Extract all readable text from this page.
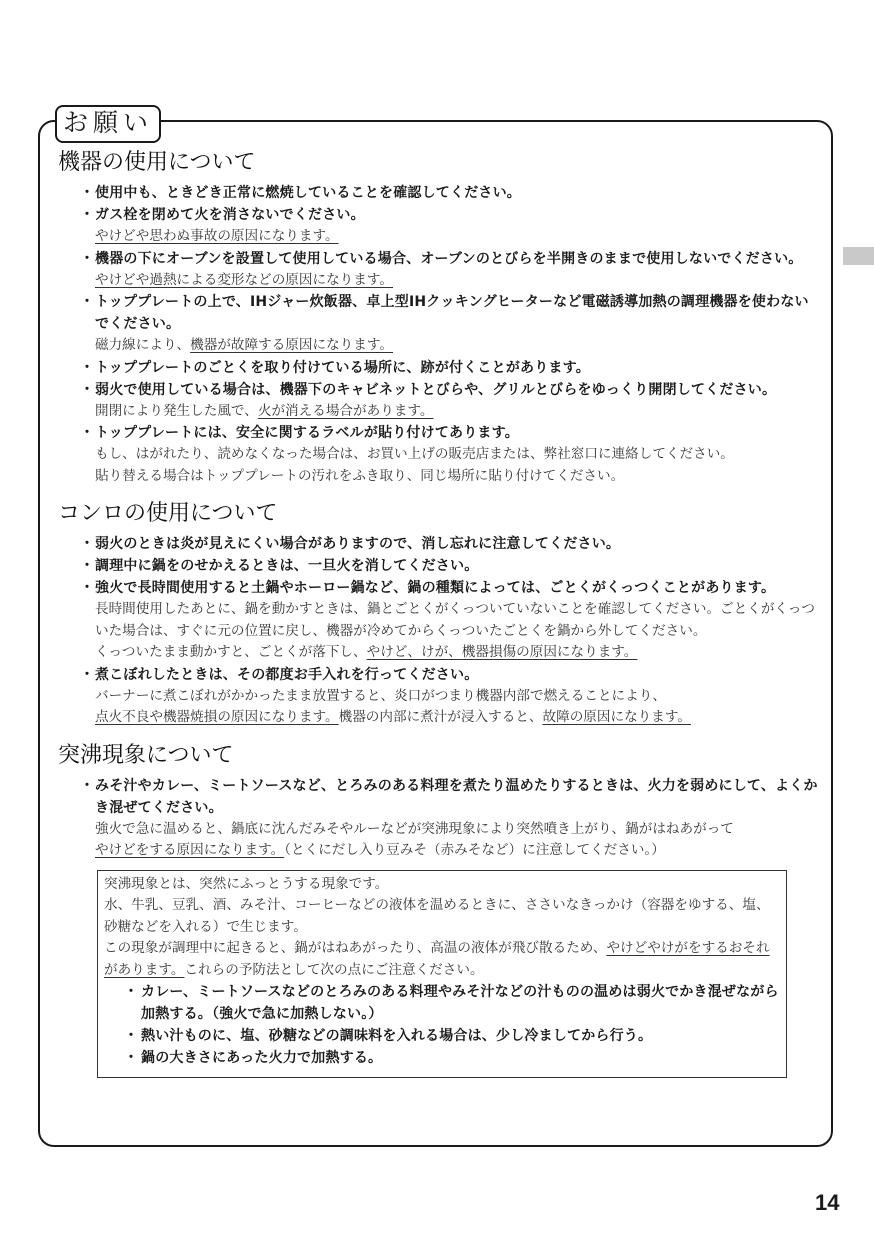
お願い
機器の使用について
・ 使用中も、ときどき正常に燃焼していることを確認してください。
・ ガス栓を閉めて火を消さないでください。
やけどや思わぬ事故の原因になります。
・ 機器の下にオーブンを設置して使用している場合、オーブンのとびらを半開きのままで使用しないでください。
やけどや過熱による変形などの原因になります。
・ トッププレートの上で、IHジャー炊飯器、卓上型IHクッキングヒーターなど電磁誘導加熱の調理機器を使わないでください。
磁力線により、機器が故障する原因になります。
・ トッププレートのごとくを取り付けている場所に、跡が付くことがあります。
・ 弱火で使用している場合は、機器下のキャビネットとびらや、グリルとびらをゆっくり開閉してください。
開閉により発生した風で、火が消える場合があります。
・ トッププレートには、安全に関するラベルが貼り付けてあります。
もし、はがれたり、読めなくなった場合は、お買い上げの販売店または、弊社窓口に連絡してください。
貼り替える場合はトッププレートの汚れをふき取り、同じ場所に貼り付けてください。
コンロの使用について
・ 弱火のときは炎が見えにくい場合がありますので、消し忘れに注意してください。
・ 調理中に鍋をのせかえるときは、一旦火を消してください。
・ 強火で長時間使用すると土鍋やホーロー鍋など、鍋の種類によっては、ごとくがくっつくことがあります。
長時間使用したあとに、鍋を動かすときは、鍋とごとくがくっついていないことを確認してください。ごとくがくっついた場合は、すぐに元の位置に戻し、機器が冷めてからくっついたごとくを鍋から外してください。
くっついたまま動かすと、ごとくが落下し、やけど、けが、機器損傷の原因になります。
・ 煮こぼれしたときは、その都度お手入れを行ってください。
バーナーに煮こぼれがかかったまま放置すると、炎口がつまり機器内部で燃えることにより、
点火不良や機器焼損の原因になります。機器の内部に煮汁が浸入すると、故障の原因になります。
突沸現象について
・ みそ汁やカレー、ミートソースなど、とろみのある料理を煮たり温めたりするときは、火力を弱めにして、よくかき混ぜてください。
強火で急に温めると、鍋底に沈んだみそやルーなどが突沸現象により突然噴き上がり、鍋がはねあがって
やけどをする原因になります。（とくにだし入り豆みそ（赤みそなど）に注意してください。）
突沸現象とは、突然にふっとうする現象です。
水、牛乳、豆乳、酒、みそ汁、コーヒーなどの液体を温めるときに、ささいなきっかけ（容器をゆする、塩、砂糖などを入れる）で生じます。
この現象が調理中に起きると、鍋がはねあがったり、高温の液体が飛び散るため、やけどやけがをするおそれがあります。これらの予防法として次の点にご注意ください。
・ カレー、ミートソースなどのとろみのある料理やみそ汁などの汁ものの温めは弱火でかき混ぜながら加熱する。（強火で急に加熱しない。）
・ 熱い汁ものに、塩、砂糖などの調味料を入れる場合は、少し冷ましてから行う。
・ 鍋の大きさにあった火力で加熱する。
14
